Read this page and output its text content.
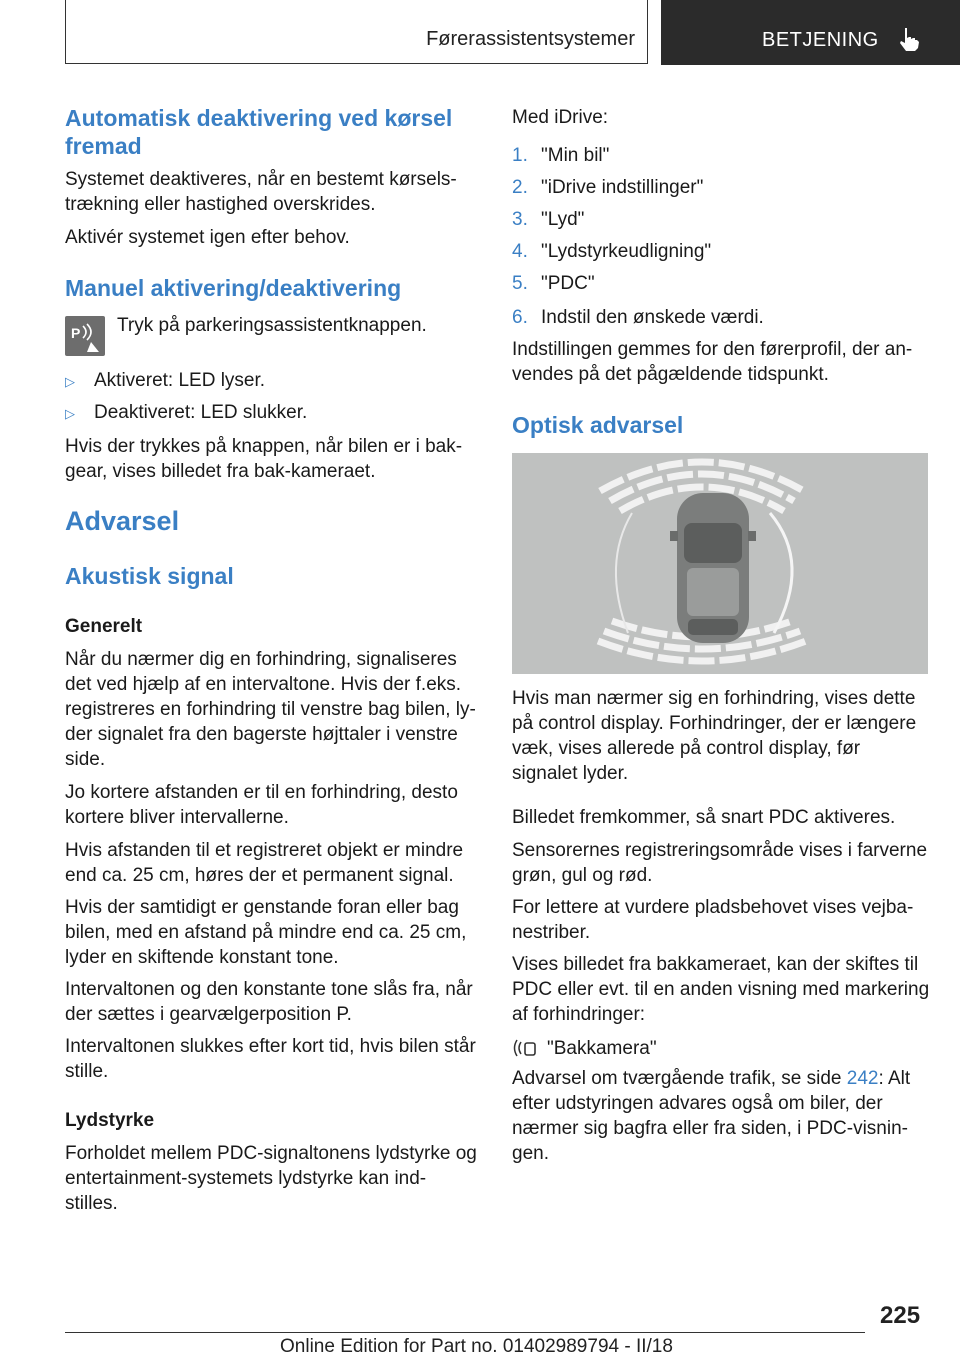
Førerassistentsystemer	BETJENING
Automatisk deaktivering ved kørsel fremad

Systemet deaktiveres, når en bestemt kørsels- trækning eller hastighed overskrides.

Aktivér systemet igen efter behov.

Manuel aktivering/deaktivering
P Tryk på parkeringsassistentknappen.

▷	Aktiveret: LED lyser.
▷	Deaktiveret: LED slukker.

Hvis der trykkes på knappen, når bilen er i bak- gear, vises billedet fra bak-kameraet.

Advarsel
Akustisk signal
Generelt

Når du nærmer dig en forhindring, signaliseres det ved hjælp af en intervaltone. Hvis der f.eks. registreres en forhindring til venstre bag bilen, ly- der signalet fra den bagerste højttaler i venstre side.

Jo kortere afstanden er til en forhindring, desto kortere bliver intervallerne.

Hvis afstanden til et registreret objekt er mindre end ca. 25 cm, høres der et permanent signal.

Hvis der samtidigt er genstande foran eller bag bilen, med en afstand på mindre end ca. 25 cm, lyder en skiftende konstant tone.

Intervaltonen og den konstante tone slås fra, når der sættes i gearvælgerposition P.

Intervaltonen slukkes efter kort tid, hvis bilen står stille.

Lydstyrke

Forholdet mellem PDC-signaltonens lydstyrke og entertainment-systemets lydstyrke kan ind- stilles.

Med iDrive:

1. "Min bil"
2. "iDrive indstillinger"
3. "Lyd"
4. "Lydstyrkeudligning"
5. "PDC"
6. Indstil den ønskede værdi.

Indstillingen gemmes for den førerprofil, der an- vendes på det pågældende tidspunkt.

Optisk advarsel

Hvis man nærmer sig en forhindring, vises dette på control display. Forhindringer, der er længere væk, vises allerede på control display, før signalet lyder.

Billedet fremkommer, så snart PDC aktiveres.

Sensorernes registreringsområde vises i farverne grøn, gul og rød.

For lettere at vurdere pladsbehovet vises vejba- nestriber.

Vises billedet fra bakkameraet, kan der skiftes til PDC eller evt. til en anden visning med markering af forhindringer:

"Bakkamera"

Advarsel om tværgående trafik, se side 242: Alt efter udstyringen advares også om biler, der nærmer sig bagfra eller fra siden, i PDC-visnin- gen.

225
Online Edition for Part no. 01402989794 - II/18
